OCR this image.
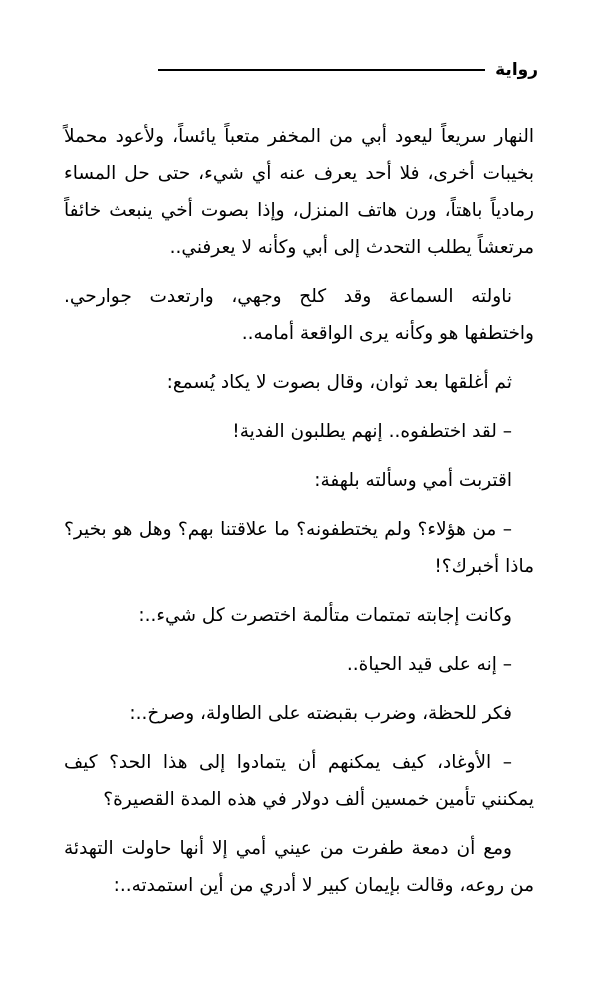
رواية

النهار سريعاً ليعود أبي من المخفر متعباً يائساً، ولأعود محملاً بخيبات أخرى، فلا أحد يعرف عنه أي شيء، حتى حل المساء رمادياً باهتاً، ورن هاتف المنزل، وإذا بصوت أخي ينبعث خائفاً مرتعشاً يطلب التحدث إلى أبي وكأنه لا يعرفني..

ناولته السماعة وقد كلح وجهي، وارتعدت جوارحي. واختطفها هو وكأنه يرى الواقعة أمامه..

ثم أغلقها بعد ثوان، وقال بصوت لا يكاد يُسمع:

– لقد اختطفوه.. إنهم يطلبون الفدية!

اقتربت أمي وسألته بلهفة:

– من هؤلاء؟ ولم يختطفونه؟ ما علاقتنا بهم؟ وهل هو بخير؟ ماذا أخبرك؟!

وكانت إجابته تمتمات متألمة اختصرت كل شيء..:

– إنه على قيد الحياة..

فكر للحظة، وضرب بقبضته على الطاولة، وصرخ..:

– الأوغاد، كيف يمكنهم أن يتمادوا إلى هذا الحد؟ كيف يمكنني تأمين خمسين ألف دولار في هذه المدة القصيرة؟

ومع أن دمعة طفرت من عيني أمي إلا أنها حاولت التهدئة من روعه، وقالت بإيمان كبير لا أدري من أين استمدته..:
